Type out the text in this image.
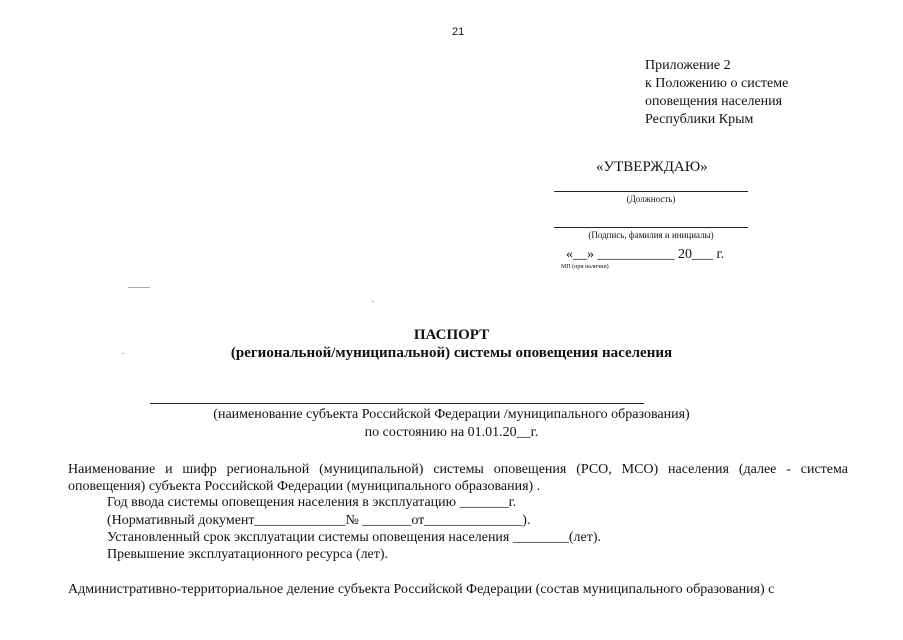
21
Приложение 2
к Положению о системе
оповещения населения
Республики Крым
«УТВЕРЖДАЮ»
(Должность)
(Подпись, фамилия и инициалы)
«__» ___________ 20___ г.
МП (при наличии)
ПАСПОРТ
(региональной/муниципальной) системы оповещения населения
(наименование субъекта Российской Федерации /муниципального образования)
по состоянию на 01.01.20__г.
Наименование и шифр региональной (муниципальной) системы оповещения (РСО, МСО) населения (далее - система оповещения) субъекта Российской Федерации (муниципального образования) .
Год ввода системы оповещения населения в эксплуатацию _______г.
(Нормативный документ_____________№ _______от______________).
Установленный срок эксплуатации системы оповещения населения ________(лет).
Превышение эксплуатационного ресурса (лет).
Административно-территориальное деление субъекта Российской Федерации (состав муниципального образования) с
